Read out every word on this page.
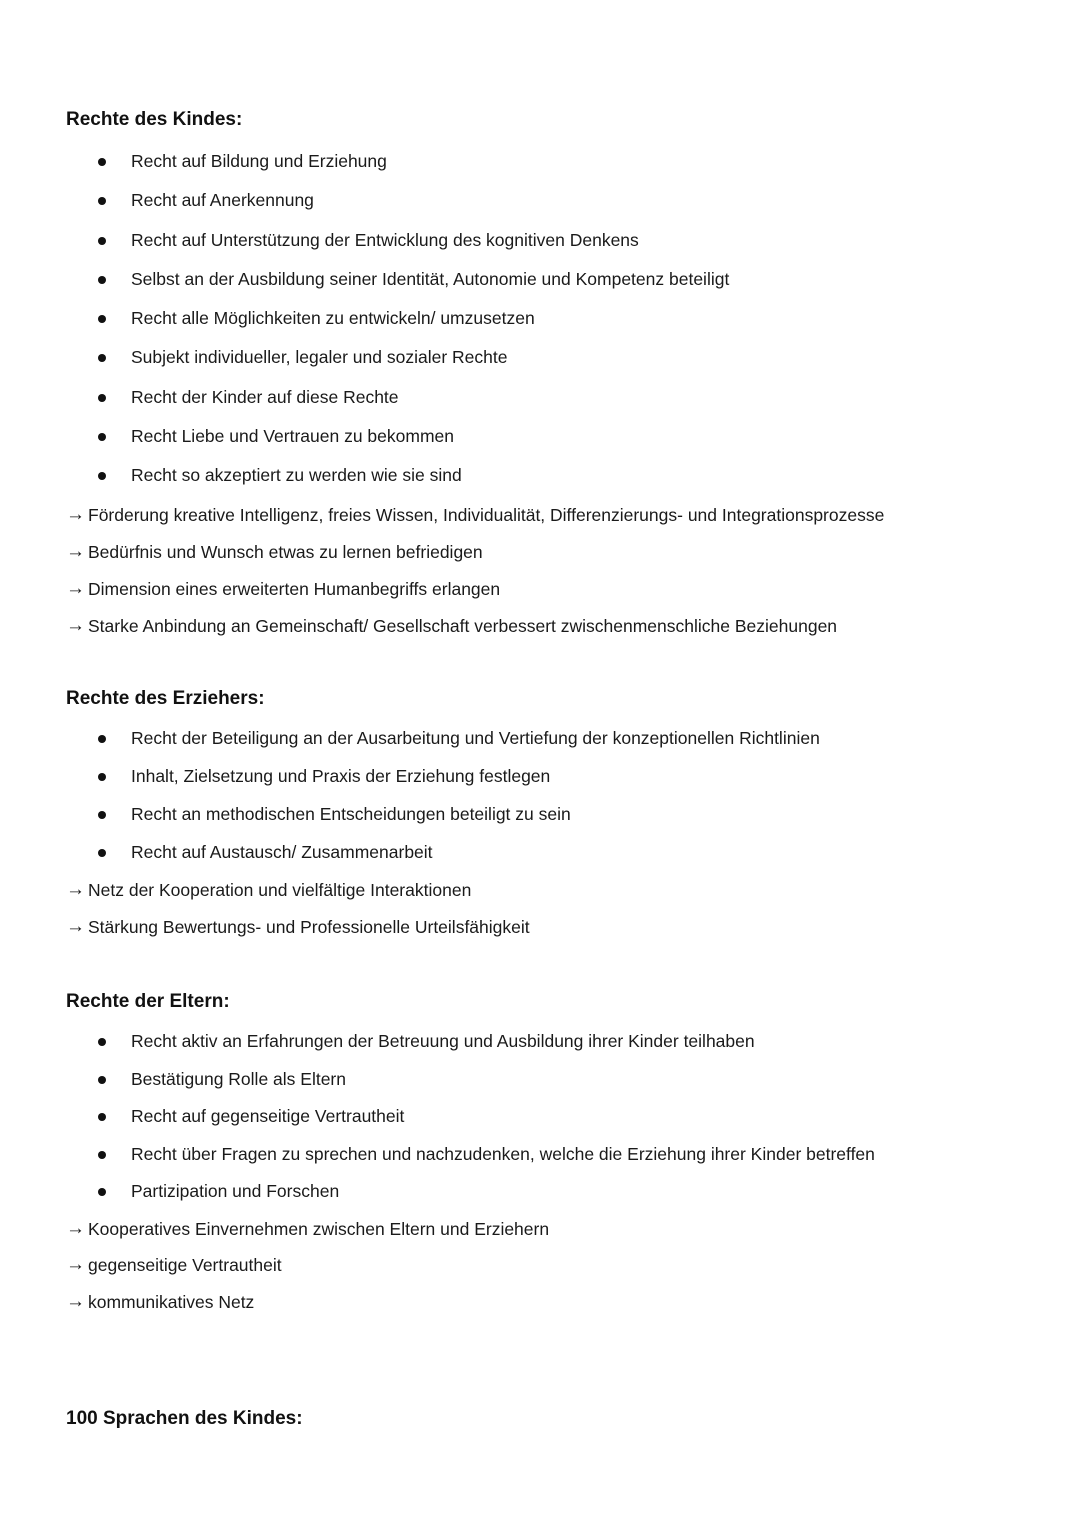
Rechte des Kindes:

Recht auf Bildung und Erziehung
Recht auf Anerkennung
Recht auf Unterstützung der Entwicklung des kognitiven Denkens
Selbst an der Ausbildung seiner Identität, Autonomie und Kompetenz beteiligt
Recht alle Möglichkeiten zu entwickeln/ umzusetzen
Subjekt individueller, legaler und sozialer Rechte
Recht der Kinder auf diese Rechte
Recht Liebe und Vertrauen zu bekommen
Recht so akzeptiert zu werden wie sie sind
→ Förderung kreative Intelligenz, freies Wissen, Individualität, Differenzierungs- und Integrationsprozesse
→ Bedürfnis und Wunsch etwas zu lernen befriedigen
→ Dimension eines erweiterten Humanbegriffs erlangen
→ Starke Anbindung an Gemeinschaft/ Gesellschaft verbessert zwischenmenschliche Beziehungen

Rechte des Erziehers:

Recht der Beteiligung an der Ausarbeitung und Vertiefung der konzeptionellen Richtlinien
Inhalt, Zielsetzung und Praxis der Erziehung festlegen
Recht an methodischen Entscheidungen beteiligt zu sein
Recht auf Austausch/ Zusammenarbeit
→ Netz der Kooperation und vielfältige Interaktionen
→ Stärkung Bewertungs- und Professionelle Urteilsfähigkeit

Rechte der Eltern:

Recht aktiv an Erfahrungen der Betreuung und Ausbildung ihrer Kinder teilhaben
Bestätigung Rolle als Eltern
Recht auf gegenseitige Vertrautheit
Recht über Fragen zu sprechen und nachzudenken, welche die Erziehung ihrer Kinder betreffen
Partizipation und Forschen
→ Kooperatives Einvernehmen zwischen Eltern und Erziehern
→ gegenseitige Vertrautheit
→ kommunikatives Netz

100 Sprachen des Kindes:
